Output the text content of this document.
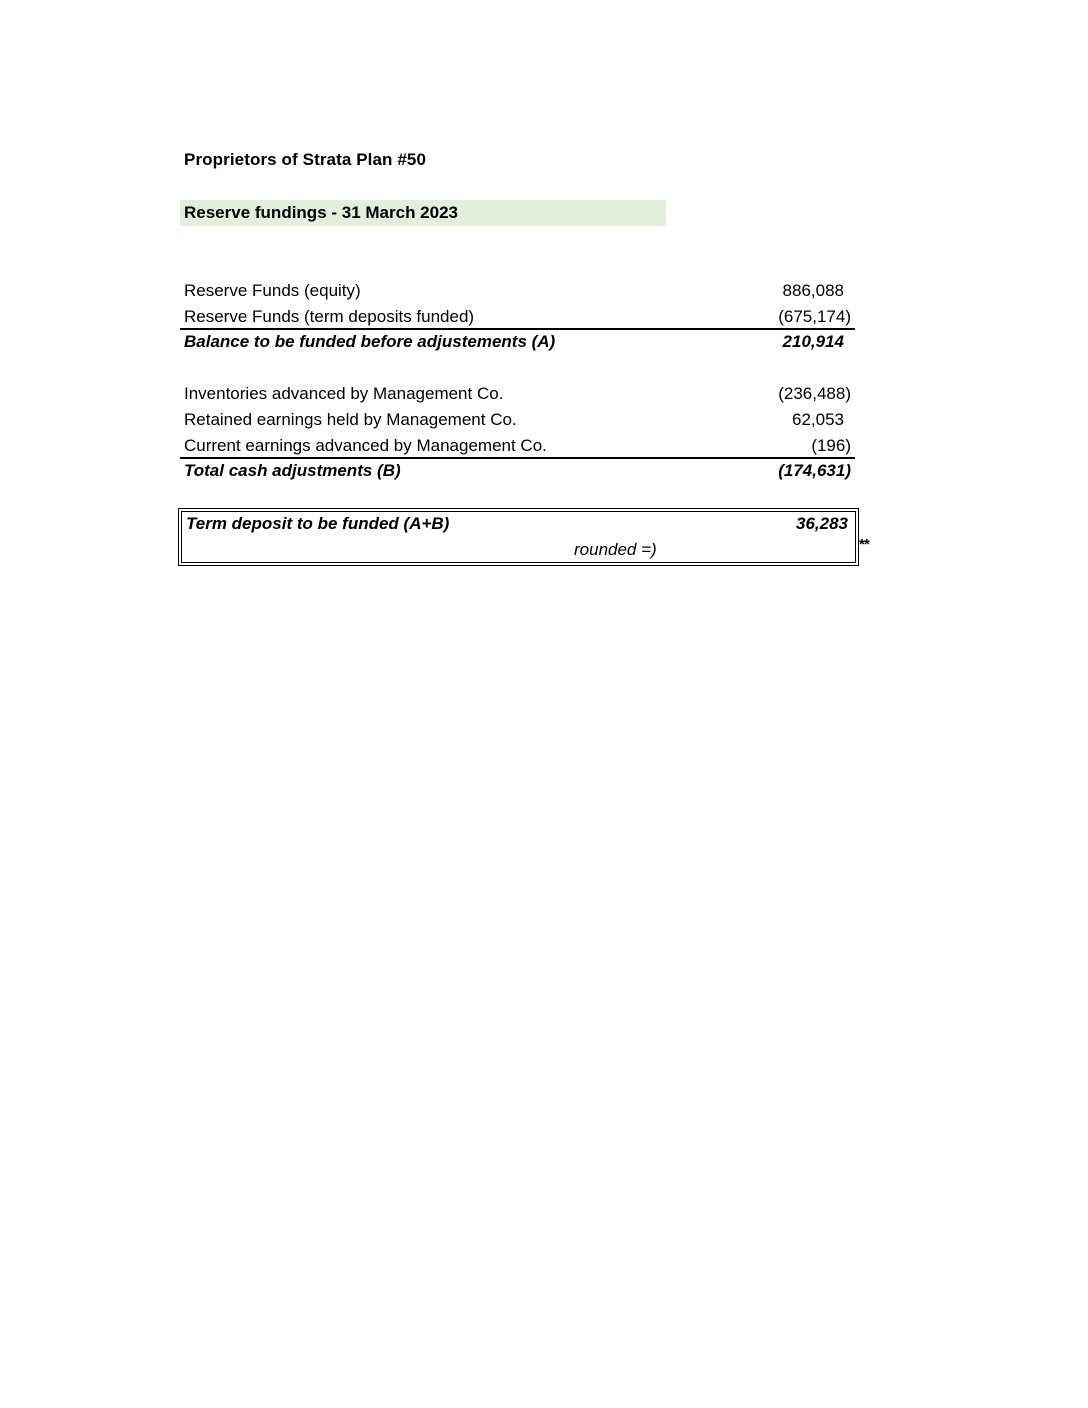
Proprietors of Strata Plan #50
Reserve fundings - 31 March 2023
Reserve Funds (equity)	886,088
Reserve Funds (term deposits funded)	(675,174)
Balance to be funded before adjustements (A)	210,914
Inventories advanced by Management Co.	(236,488)
Retained earnings held by Management Co.	62,053
Current earnings advanced by Management Co.	(196)
Total cash adjustments (B)	(174,631)
Term deposit to be funded (A+B)	36,283
rounded =)	**
